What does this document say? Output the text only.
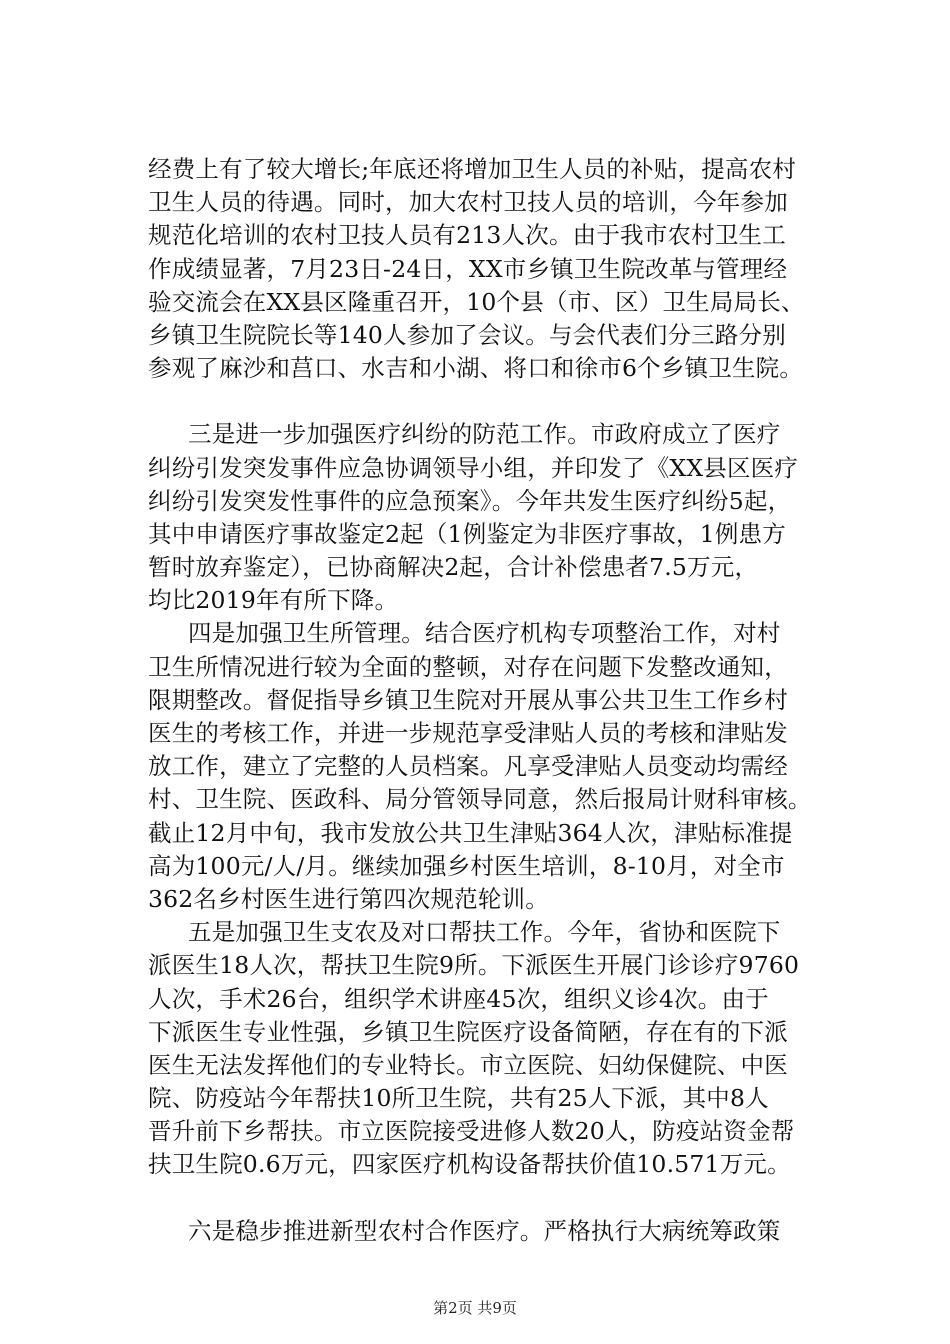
经费上有了较大增长;年底还将增加卫生人员的补贴，提高农村
卫生人员的待遇。同时，加大农村卫技人员的培训，今年参加
规范化培训的农村卫技人员有213人次。由于我市农村卫生工
作成绩显著，7月23日-24日，XX市乡镇卫生院改革与管理经
验交流会在XX县区隆重召开，10个县（市、区）卫生局局长、
乡镇卫生院院长等140人参加了会议。与会代表们分三路分别
参观了麻沙和莒口、水吉和小湖、将口和徐市6个乡镇卫生院。
三是进一步加强医疗纠纷的防范工作。市政府成立了医疗
纠纷引发突发事件应急协调领导小组，并印发了《XX县区医疗
纠纷引发突发性事件的应急预案》。今年共发生医疗纠纷5起，
其中申请医疗事故鉴定2起（1例鉴定为非医疗事故，1例患方
暂时放弃鉴定），已协商解决2起，合计补偿患者7.5万元，
均比2019年有所下降。
四是加强卫生所管理。结合医疗机构专项整治工作，对村
卫生所情况进行较为全面的整顿，对存在问题下发整改通知，
限期整改。督促指导乡镇卫生院对开展从事公共卫生工作乡村
医生的考核工作，并进一步规范享受津贴人员的考核和津贴发
放工作，建立了完整的人员档案。凡享受津贴人员变动均需经
村、卫生院、医政科、局分管领导同意，然后报局计财科审核。
截止12月中旬，我市发放公共卫生津贴364人次，津贴标准提
高为100元/人/月。继续加强乡村医生培训，8-10月，对全市
362名乡村医生进行第四次规范轮训。
五是加强卫生支农及对口帮扶工作。今年，省协和医院下
派医生18人次，帮扶卫生院9所。下派医生开展门诊诊疗9760
人次，手术26台，组织学术讲座45次，组织义诊4次。由于
下派医生专业性强，乡镇卫生院医疗设备简陋，存在有的下派
医生无法发挥他们的专业特长。市立医院、妇幼保健院、中医
院、防疫站今年帮扶10所卫生院，共有25人下派，其中8人
晋升前下乡帮扶。市立医院接受进修人数20人，防疫站资金帮
扶卫生院0.6万元，四家医疗机构设备帮扶价值10.571万元。
六是稳步推进新型农村合作医疗。严格执行大病统筹政策
第2页 共9页
